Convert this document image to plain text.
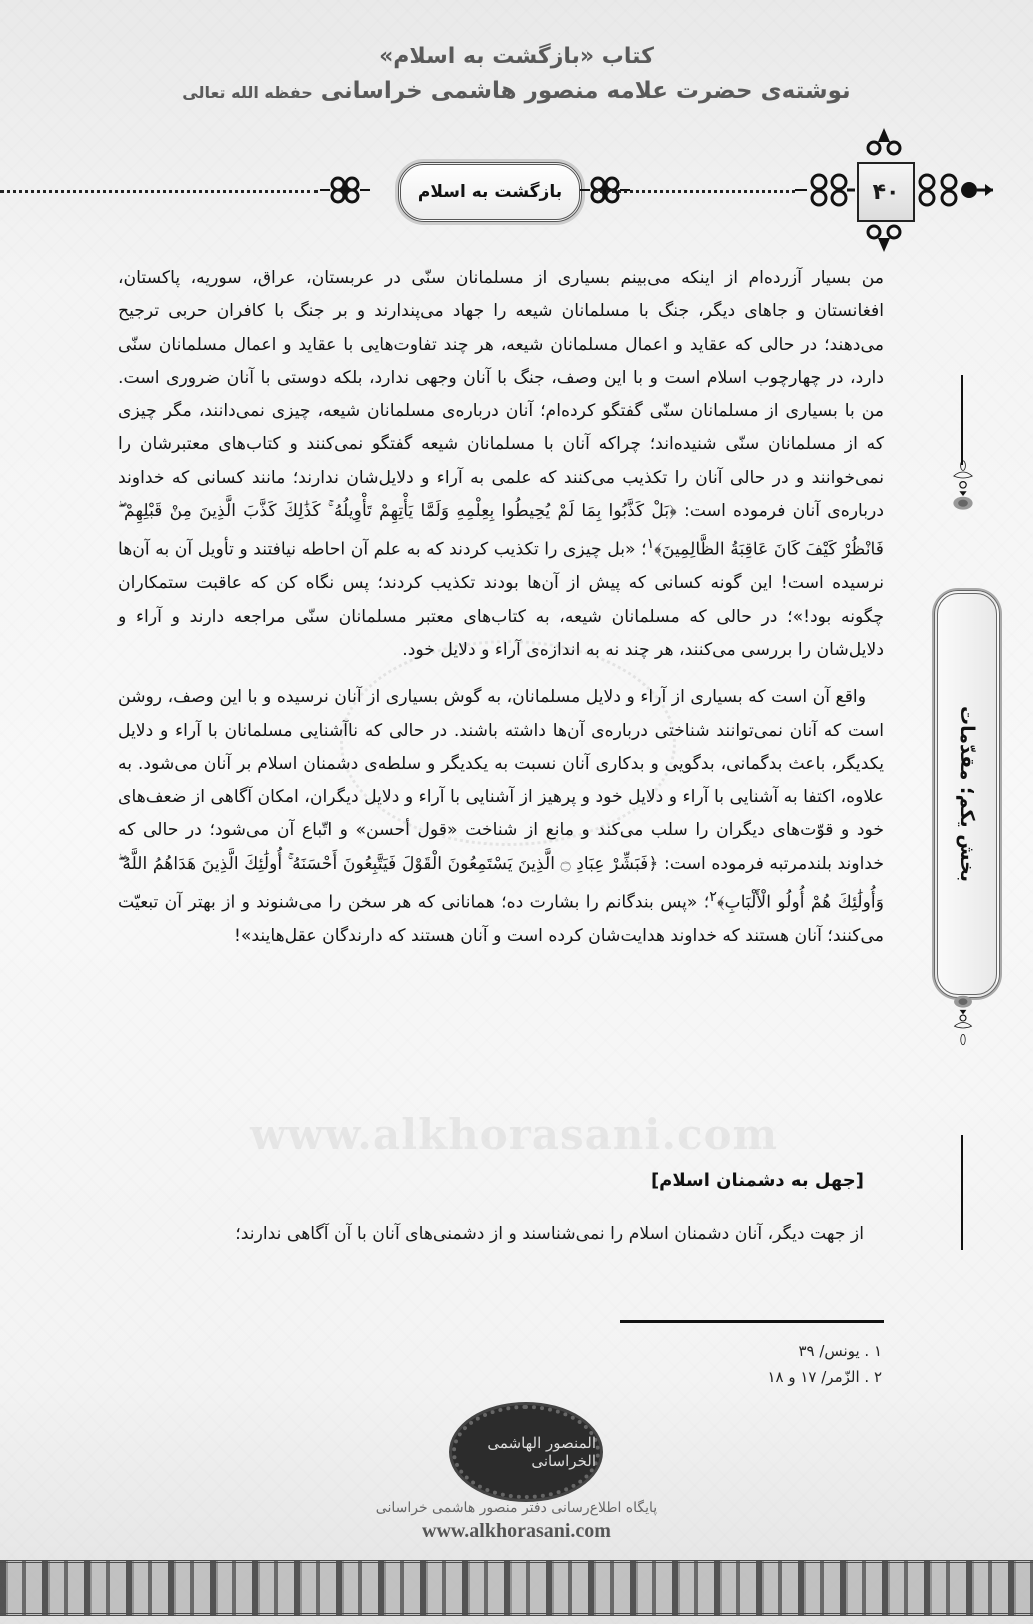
کتاب «بازگشت به اسلام»
نوشته‌ی حضرت علامه منصور هاشمی خراسانی حفظه الله تعالی
بازگشت به اسلام	۴۰
www.alkhorasani.com

من بسیار آزرده‌ام از اینکه می‌بینم بسیاری از مسلمانان سنّی در عربستان، عراق، سوریه، پاکستان، افغانستان و جاهای دیگر، جنگ با مسلمانان شیعه را جهاد می‌پندارند و بر جنگ با کافران حربی ترجیح می‌دهند؛ در حالی که عقاید و اعمال مسلمانان شیعه، هر چند تفاوت‌هایی با عقاید و اعمال مسلمانان سنّی دارد، در چهارچوب اسلام است و با این وصف، جنگ با آنان وجهی ندارد، بلکه دوستی با آنان ضروری است. من با بسیاری از مسلمانان سنّی گفتگو کرده‌ام؛ آنان درباره‌ی مسلمانان شیعه، چیزی نمی‌دانند، مگر چیزی که از مسلمانان سنّی شنیده‌اند؛ چراکه آنان با مسلمانان شیعه گفتگو نمی‌کنند و کتاب‌های معتبرشان را نمی‌خوانند و در حالی آنان را تکذیب می‌کنند که علمی به آراء و دلایل‌شان ندارند؛ مانند کسانی که خداوند درباره‌ی آنان فرموده است: ﴿بَلْ كَذَّبُوا بِمَا لَمْ يُحِيطُوا بِعِلْمِهِ وَلَمَّا يَأْتِهِمْ تَأْوِيلُهُ ۚ كَذَٰلِكَ كَذَّبَ الَّذِينَ مِنْ قَبْلِهِمْ ۖ فَانْظُرْ كَيْفَ كَانَ عَاقِبَةُ الظَّالِمِينَ﴾$^۱$؛ «بل چیزی را تکذیب کردند که به علم آن احاطه نیافتند و تأویل آن به آن‌ها نرسیده است! این گونه کسانی که پیش از آن‌ها بودند تکذیب کردند؛ پس نگاه کن که عاقبت ستمکاران چگونه بود!»؛ در حالی که مسلمانان شیعه، به کتاب‌های معتبر مسلمانان سنّی مراجعه دارند و آراء و دلایل‌شان را بررسی می‌کنند، هر چند نه به اندازه‌ی آراء و دلایل خود.

واقع آن است که بسیاری از آراء و دلایل مسلمانان، به گوش بسیاری از آنان نرسیده و با این وصف، روشن است که آنان نمی‌توانند شناختی درباره‌ی آن‌ها داشته باشند. در حالی که ناآشنایی مسلمانان با آراء و دلایل یکدیگر، باعث بدگمانی، بدگویی و بدکاری آنان نسبت به یکدیگر و سلطه‌ی دشمنان اسلام بر آنان می‌شود. به علاوه، اکتفا به آشنایی با آراء و دلایل خود و پرهیز از آشنایی با آراء و دلایل دیگران، امکان آگاهی از ضعف‌های خود و قوّت‌های دیگران را سلب می‌کند و مانع از شناخت «قول أحسن» و اتّباع آن می‌شود؛ در حالی که خداوند بلندمرتبه فرموده است: ﴿فَبَشِّرْ عِبَادِ ۝ الَّذِينَ يَسْتَمِعُونَ الْقَوْلَ فَيَتَّبِعُونَ أَحْسَنَهُ ۚ أُولَٰئِكَ الَّذِينَ هَدَاهُمُ اللَّهُ ۖ وَأُولَٰئِكَ هُمْ أُولُو الْأَلْبَابِ﴾$^۲$؛ «پس بندگانم را بشارت ده؛ همانانی که هر سخن را می‌شنوند و از بهتر آن تبعیّت می‌کنند؛ آنان هستند که خداوند هدایت‌شان کرده است و آنان هستند که دارندگان عقل‌هایند»!

[جهل به دشمنان اسلام]
از جهت دیگر، آنان دشمنان اسلام را نمی‌شناسند و از دشمنی‌های آنان با آن آگاهی ندارند؛
۱ . یونس/ ۳۹
۲ . الزّمر/ ۱۷ و ۱۸
بخش یکم؛ مقدّمات
المنصور الهاشمی الخراسانی
پایگاه اطلاع‌رسانی دفتر منصور هاشمی خراسانی
www.alkhorasani.com
